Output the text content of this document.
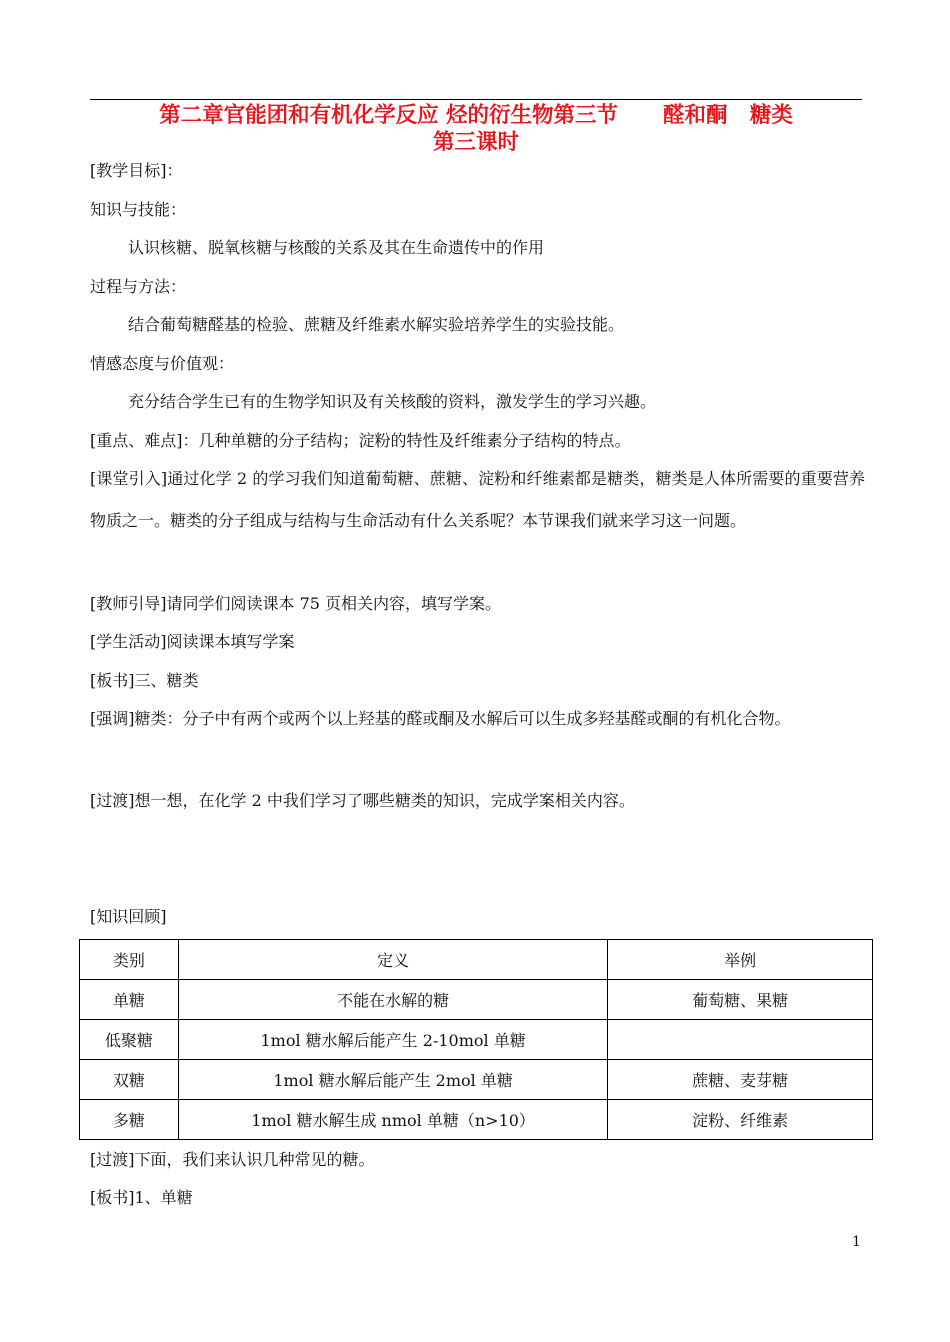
第二章官能团和有机化学反应 烃的衍生物第三节      醛和酮   糖类
第三课时
[教学目标]：
知识与技能：
认识核糖、脱氧核糖与核酸的关系及其在生命遗传中的作用
过程与方法：
结合葡萄糖醛基的检验、蔗糖及纤维素水解实验培养学生的实验技能。
情感态度与价值观：
充分结合学生已有的生物学知识及有关核酸的资料，激发学生的学习兴趣。
[重点、难点]：几种单糖的分子结构；淀粉的特性及纤维素分子结构的特点。
[课堂引入]通过化学 2 的学习我们知道葡萄糖、蔗糖、淀粉和纤维素都是糖类，糖类是人体所需要的重要营养物质之一。糖类的分子组成与结构与生命活动有什么关系呢？本节课我们就来学习这一问题。
[教师引导]请同学们阅读课本 75 页相关内容，填写学案。
[学生活动]阅读课本填写学案
[板书]三、糖类
[强调]糖类：分子中有两个或两个以上羟基的醛或酮及水解后可以生成多羟基醛或酮的有机化合物。
[过渡]想一想，在化学 2 中我们学习了哪些糖类的知识，完成学案相关内容。
[知识回顾]
类别	定义	举例
单糖	不能在水解的糖	葡萄糖、果糖
低聚糖	1mol 糖水解后能产生 2-10mol 单糖	
双糖	1mol 糖水解后能产生 2mol 单糖	蔗糖、麦芽糖
多糖	1mol 糖水解生成 nmol 单糖（n>10）	淀粉、纤维素
[过渡]下面，我们来认识几种常见的糖。
[板书]1、单糖
1
